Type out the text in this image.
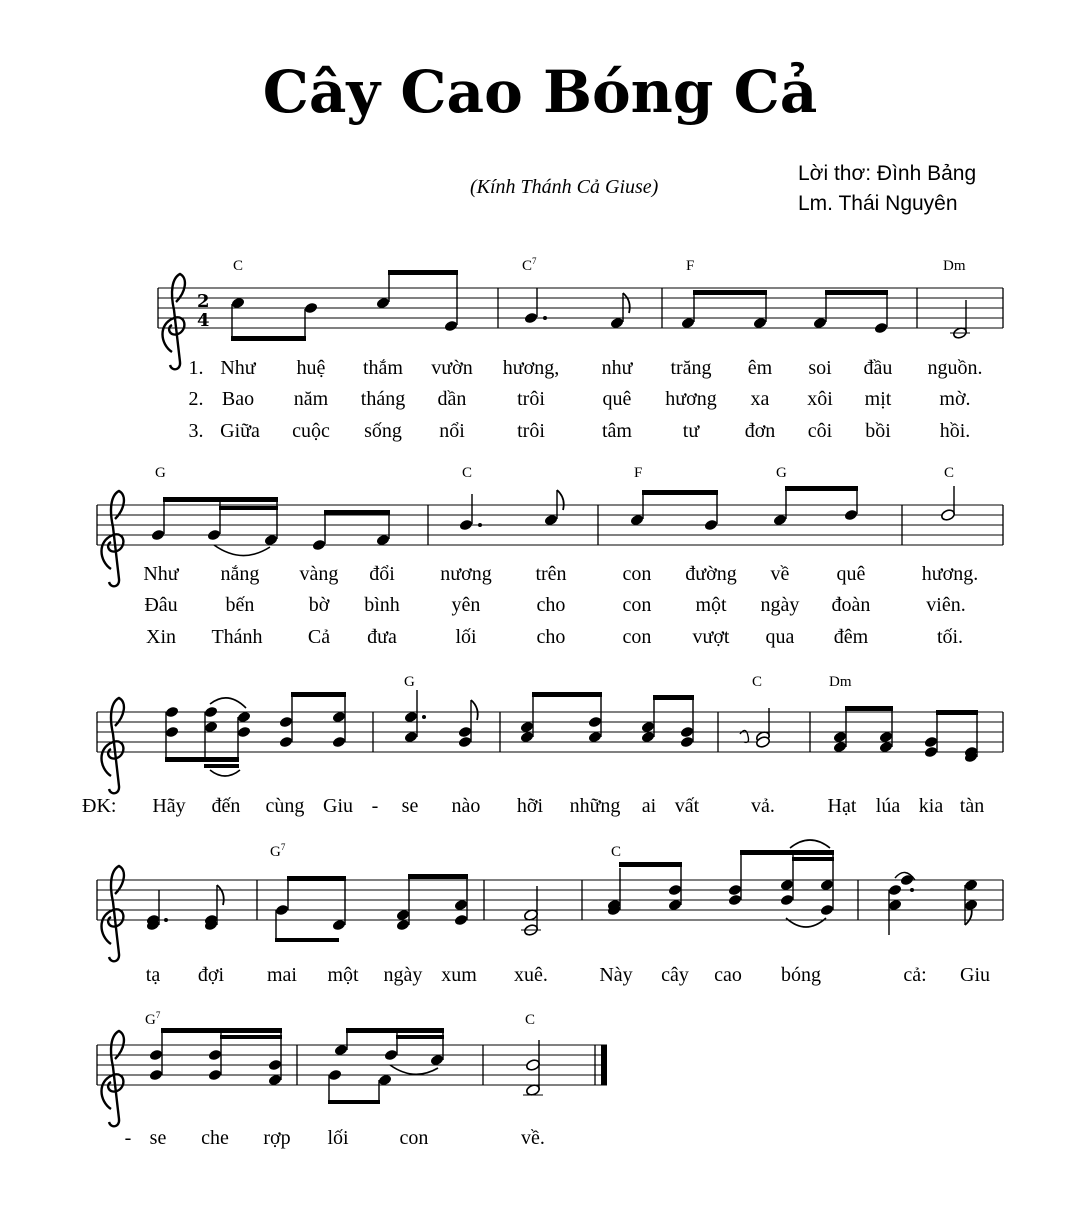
Cây Cao Bóng Cả
(Kính Thánh Cả Giuse)
Lời thơ: Đình Bảng
Lm. Thái Nguyên
2
4
C	$C^7$	F	Dm
1. Như huệ thắm vườn hương, như trăng êm soi đầu nguồn.
2. Bao năm tháng dần	trôi	quê hương xa xôi mịt mờ.
3. Giữa cuộc sống nổi	trôi	tâm	tư đơn côi bồi hồi.
G	C	F	G	C
Như nắng vàng đổi nương trên	con đường về quê	hương.
Đâu bến	bờ bình	yên	cho	con một ngày đoàn	viên.
Xin Thánh Cả đưa	lối	cho	con vượt qua đêm	tối.
G	C	Dm
ĐK: Hãy đến cùng Giu - se nào hỡi những ai vất	vả.	Hạt lúa kia tàn
$G^7$	C
tạ đợi mai một ngày xum xuê.	Này cây cao bóng	cả: Giu
$G^7$	C
- se che rợp lối	con	về.
